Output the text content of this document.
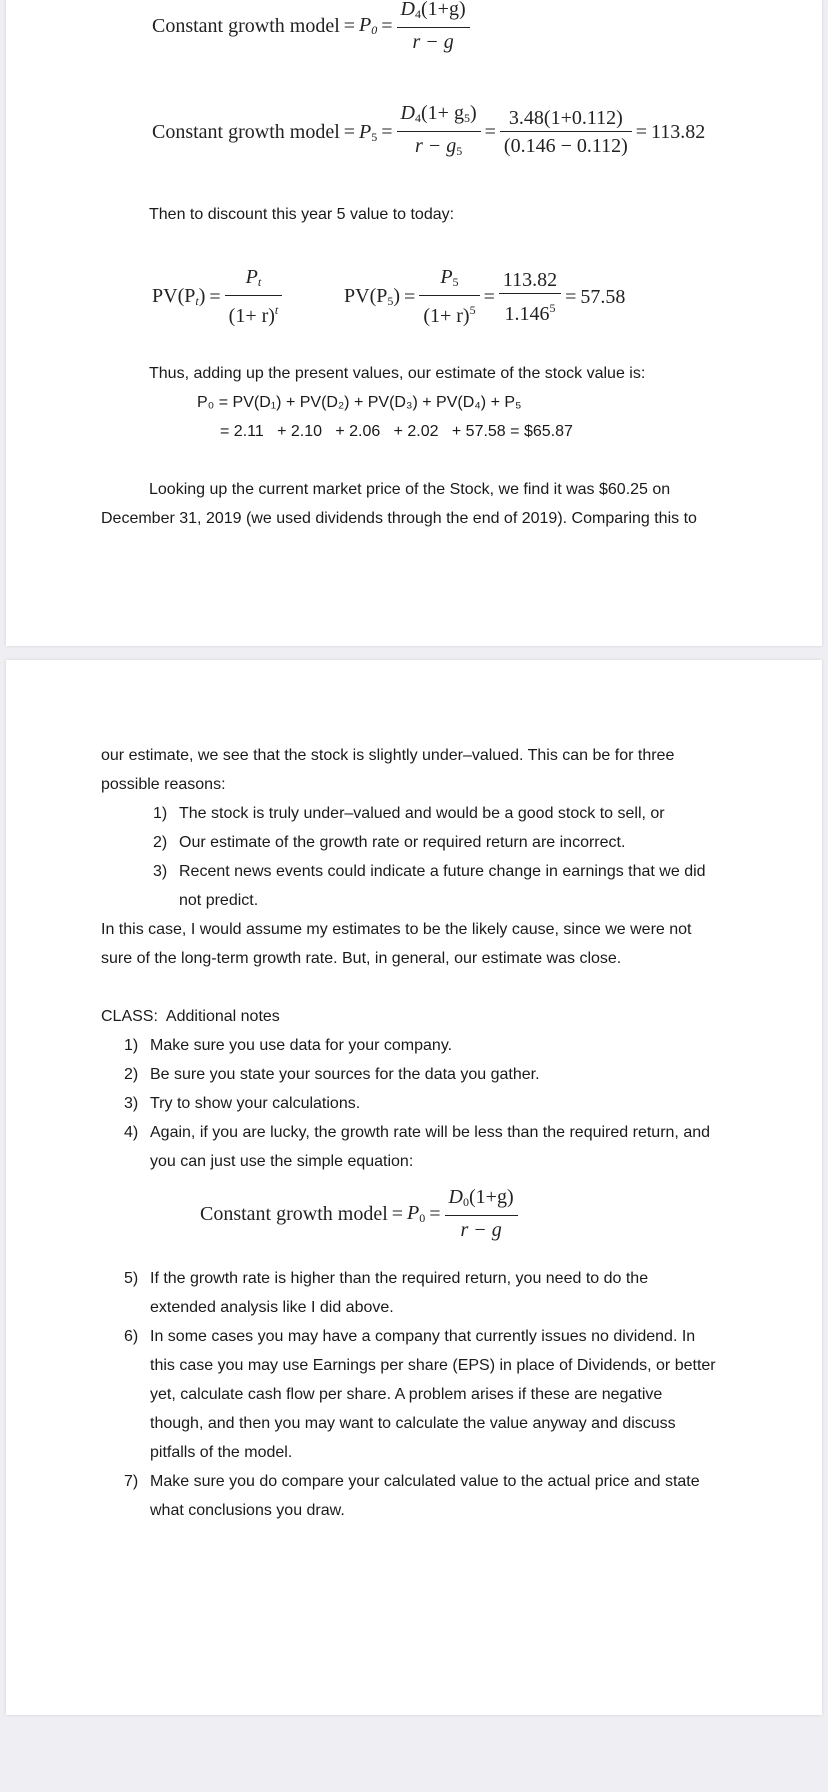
Constant growth model = $P_0 = \frac{D_4(1+g)}{r - g}$
Constant growth model = $P_5 = \frac{D_4(1+ g_5)}{r - g_5} = \frac{3.48(1+0.112)}{(0.146 - 0.112)} = 113.82$
Then to discount this year 5 value to today:
$PV(P_t) = \frac{P_t}{(1+ r)^t}$	$PV(P_5) = \frac{P_5}{(1+ r)^5} = \frac{113.82}{1.146^5} = 57.58$
Thus, adding up the present values, our estimate of the stock value is:
P₀ = PV(D₁) + PV(D₂) + PV(D₃) + PV(D₄) + P₅
= 2.11   + 2.10   + 2.06   + 2.02   + 57.58 = $65.87
Looking up the current market price of the Stock, we find it was $60.25 on
December 31, 2019 (we used dividends through the end of 2019). Comparing this to
our estimate, we see that the stock is slightly under–valued. This can be for three
possible reasons:
1) The stock is truly under–valued and would be a good stock to sell, or
2) Our estimate of the growth rate or required return are incorrect.
3) Recent news events could indicate a future change in earnings that we did
not predict.
In this case, I would assume my estimates to be the likely cause, since we were not
sure of the long-term growth rate. But, in general, our estimate was close.
CLASS:  Additional notes
1) Make sure you use data for your company.
2) Be sure you state your sources for the data you gather.
3) Try to show your calculations.
4) Again, if you are lucky, the growth rate will be less than the required return, and
you can just use the simple equation:
Constant growth model = $P_0 = \frac{D_0(1+g)}{r - g}$
5) If the growth rate is higher than the required return, you need to do the
extended analysis like I did above.
6) In some cases you may have a company that currently issues no dividend. In
this case you may use Earnings per share (EPS) in place of Dividends, or better
yet, calculate cash flow per share. A problem arises if these are negative
though, and then you may want to calculate the value anyway and discuss
pitfalls of the model.
7) Make sure you do compare your calculated value to the actual price and state
what conclusions you draw.
